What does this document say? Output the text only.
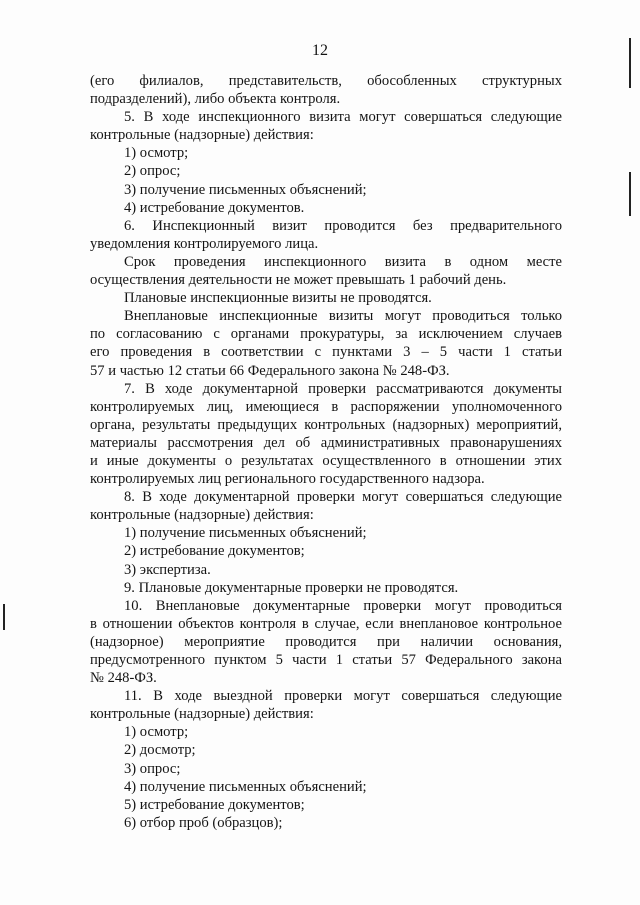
12
(его филиалов, представительств, обособленных структурных
подразделений), либо объекта контроля.
5. В ходе инспекционного визита могут совершаться следующие
контрольные (надзорные) действия:
1) осмотр;
2) опрос;
3) получение письменных объяснений;
4) истребование документов.
6. Инспекционный визит проводится без предварительного
уведомления контролируемого лица.
Срок проведения инспекционного визита в одном месте
осуществления деятельности не может превышать 1 рабочий день.
Плановые инспекционные визиты не проводятся.
Внеплановые инспекционные визиты могут проводиться только
по согласованию с органами прокуратуры, за исключением случаев
его проведения в соответствии с пунктами 3 – 5 части 1 статьи
57 и частью 12 статьи 66 Федерального закона № 248-ФЗ.
7. В ходе документарной проверки рассматриваются документы
контролируемых лиц, имеющиеся в распоряжении уполномоченного
органа, результаты предыдущих контрольных (надзорных) мероприятий,
материалы рассмотрения дел об административных правонарушениях
и иные документы о результатах осуществленного в отношении этих
контролируемых лиц регионального государственного надзора.
8. В ходе документарной проверки могут совершаться следующие
контрольные (надзорные) действия:
1) получение письменных объяснений;
2) истребование документов;
3) экспертиза.
9. Плановые документарные проверки не проводятся.
10. Внеплановые документарные проверки могут проводиться
в отношении объектов контроля в случае, если внеплановое контрольное
(надзорное) мероприятие проводится при наличии основания,
предусмотренного пунктом 5 части 1 статьи 57 Федерального закона
№ 248-ФЗ.
11. В ходе выездной проверки могут совершаться следующие
контрольные (надзорные) действия:
1) осмотр;
2) досмотр;
3) опрос;
4) получение письменных объяснений;
5) истребование документов;
6) отбор проб (образцов);
